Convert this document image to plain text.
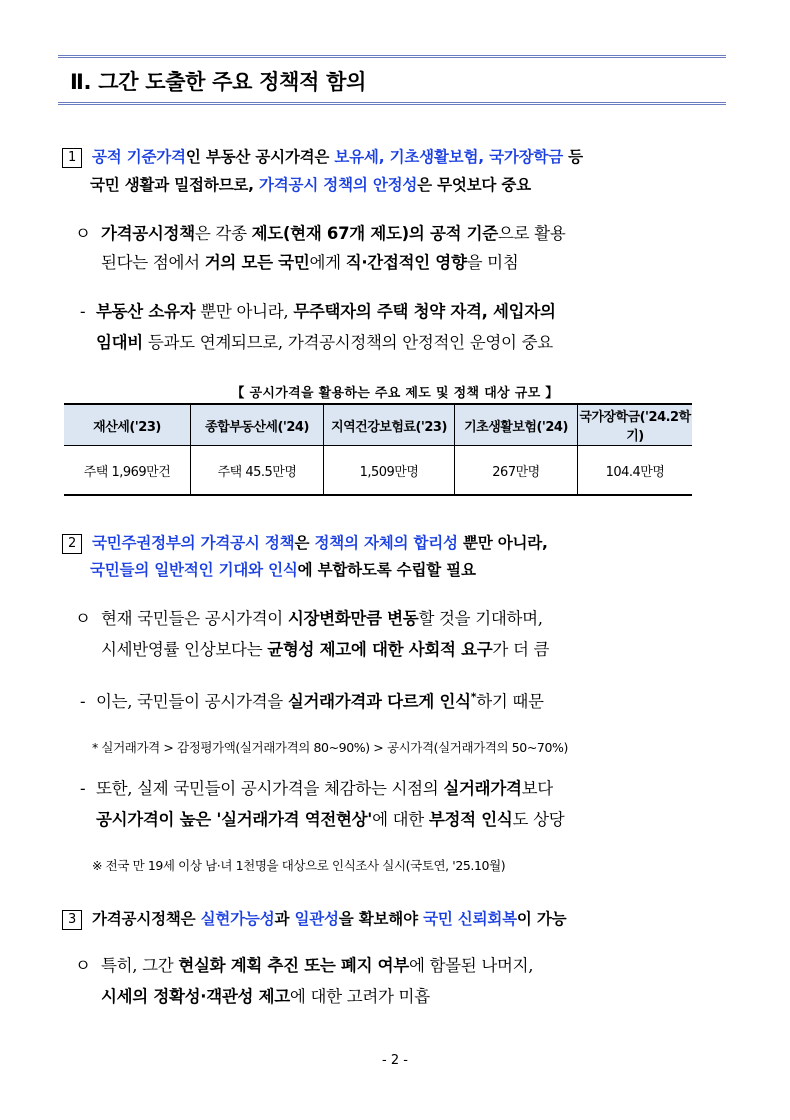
Ⅱ. 그간 도출한 주요 정책적 함의
1 공적 기준가격인 부동산 공시가격은 보유세, 기초생활보험, 국가장학금 등
국민 생활과 밀접하므로, 가격공시 정책의 안정성은 무엇보다 중요
ㅇ 가격공시정책은 각종 제도(현재 67개 제도)의 공적 기준으로 활용
된다는 점에서 거의 모든 국민에게 직·간접적인 영향을 미침
- 부동산 소유자 뿐만 아니라, 무주택자의 주택 청약 자격, 세입자의
임대비 등과도 연계되므로, 가격공시정책의 안정적인 운영이 중요
【 공시가격을 활용하는 주요 제도 및 정책 대상 규모 】
재산세('23)	종합부동산세('24)	지역건강보험료('23)	기초생활보험('24)	국가장학금('24.2학기)
주택 1,969만건	주택 45.5만명	1,509만명	267만명	104.4만명
2 국민주권정부의 가격공시 정책은 정책의 자체의 합리성 뿐만 아니라,
국민들의 일반적인 기대와 인식에 부합하도록 수립할 필요
ㅇ 현재 국민들은 공시가격이 시장변화만큼 변동할 것을 기대하며,
시세반영률 인상보다는 균형성 제고에 대한 사회적 요구가 더 큼
- 이는, 국민들이 공시가격을 실거래가격과 다르게 인식*하기 때문
* 실거래가격 > 감정평가액(실거래가격의 80~90%) > 공시가격(실거래가격의 50~70%)
- 또한, 실제 국민들이 공시가격을 체감하는 시점의 실거래가격보다
공시가격이 높은 '실거래가격 역전현상'에 대한 부정적 인식도 상당
※ 전국 만 19세 이상 남·녀 1천명을 대상으로 인식조사 실시(국토연, '25.10월)
3 가격공시정책은 실현가능성과 일관성을 확보해야 국민 신뢰회복이 가능
ㅇ 특히, 그간 현실화 계획 추진 또는 폐지 여부에 함몰된 나머지,
시세의 정확성·객관성 제고에 대한 고려가 미흡
- 2 -
